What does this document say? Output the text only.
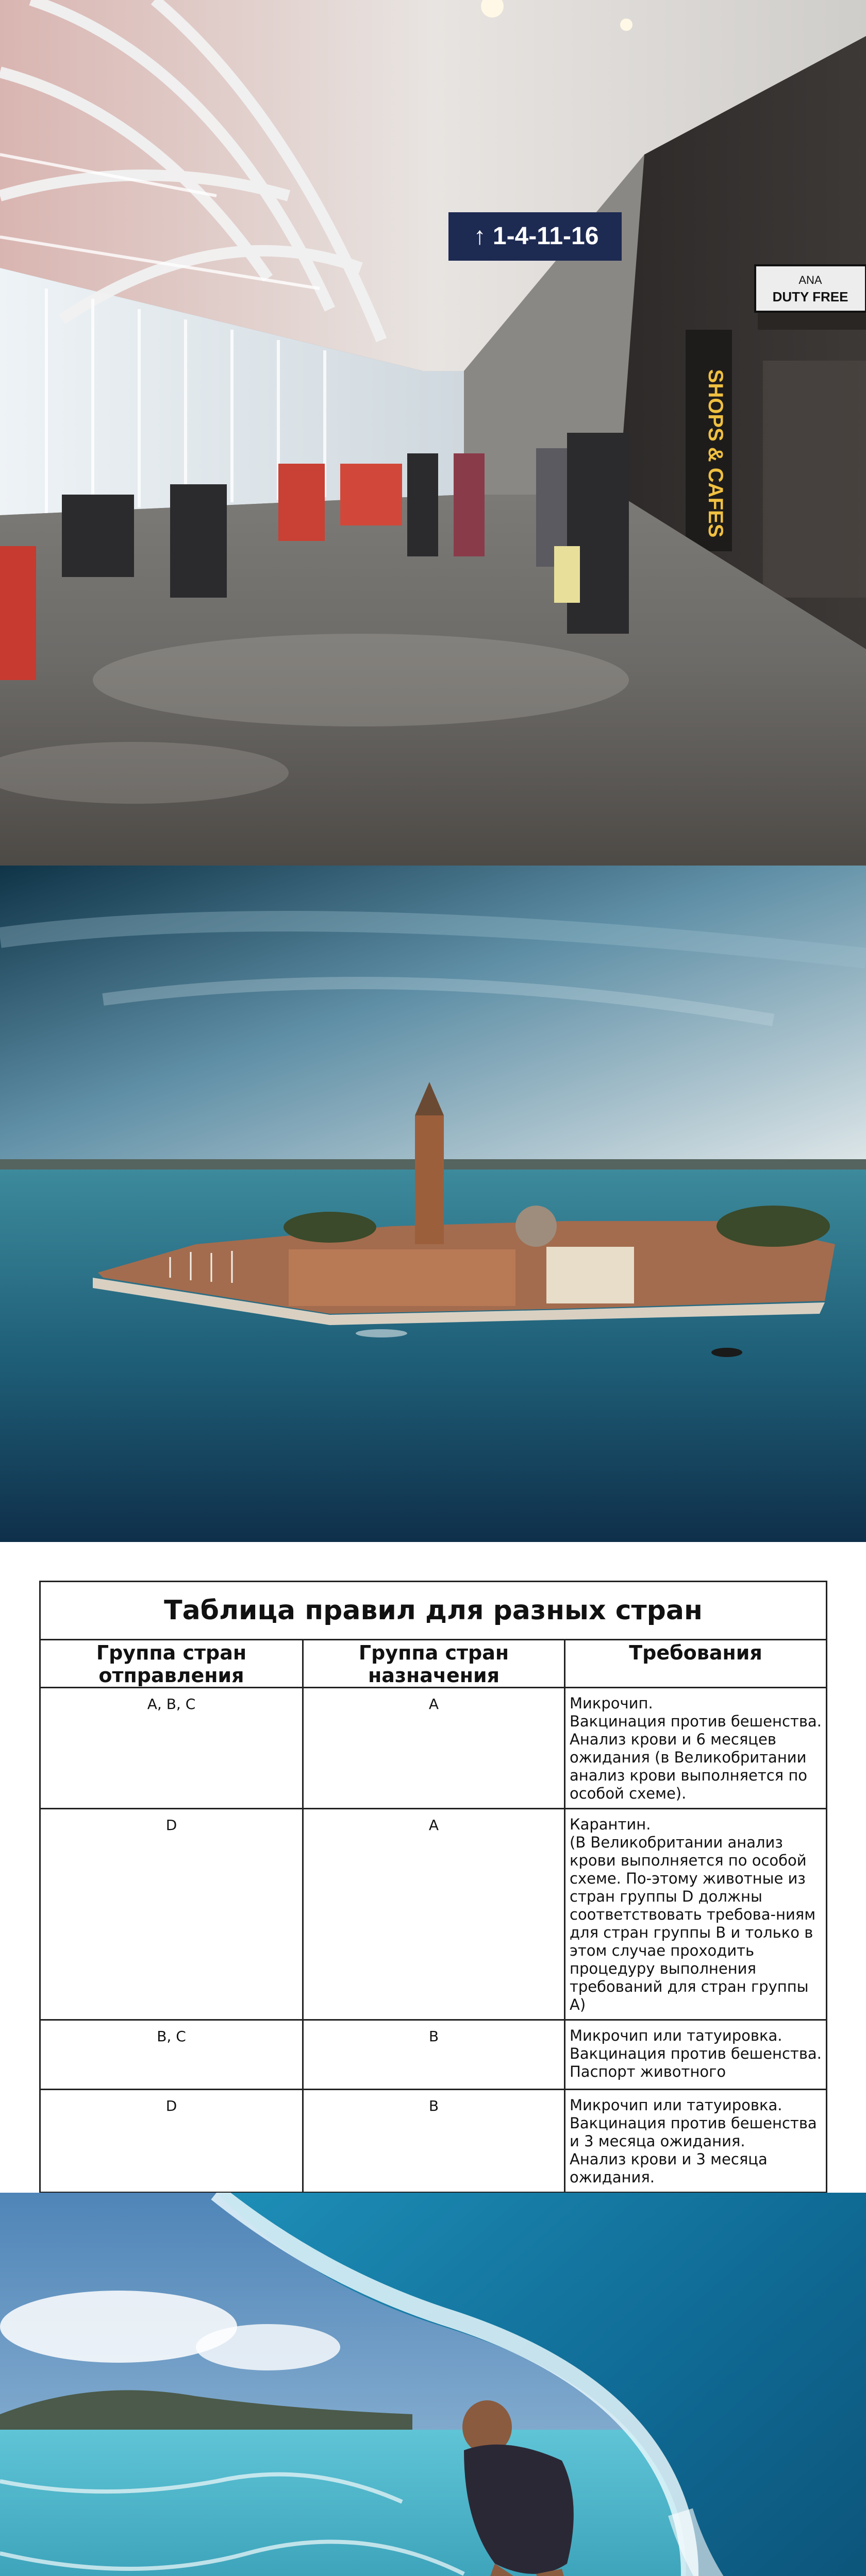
↑ 1-4-11-16
SHOPS & CAFES
ANA
DUTY FREE
Таблица правил для разных стран		
Группа стран отправления	Группа стран назначения	Требования
A, B, C	A	Микрочип.
Вакцинация против бешенства.
Анализ крови и 6 месяцев ожидания (в Великобритании анализ крови выполняется по особой схеме).
D	A	Карантин.
(В Великобритании анализ крови выполняется по особой схеме. По-этому животные из стран группы D должны соответствовать требова-ниям для стран группы B и только в этом случае проходить процедуру выполнения требований для стран группы A)
B, C	B	Микрочип или татуировка.
Вакцинация против бешенства.
Паспорт животного
D	B	Микрочип или татуировка.
Вакцинация против бешенства и 3 месяца ожидания.
Анализ крови и 3 месяца ожидания.
